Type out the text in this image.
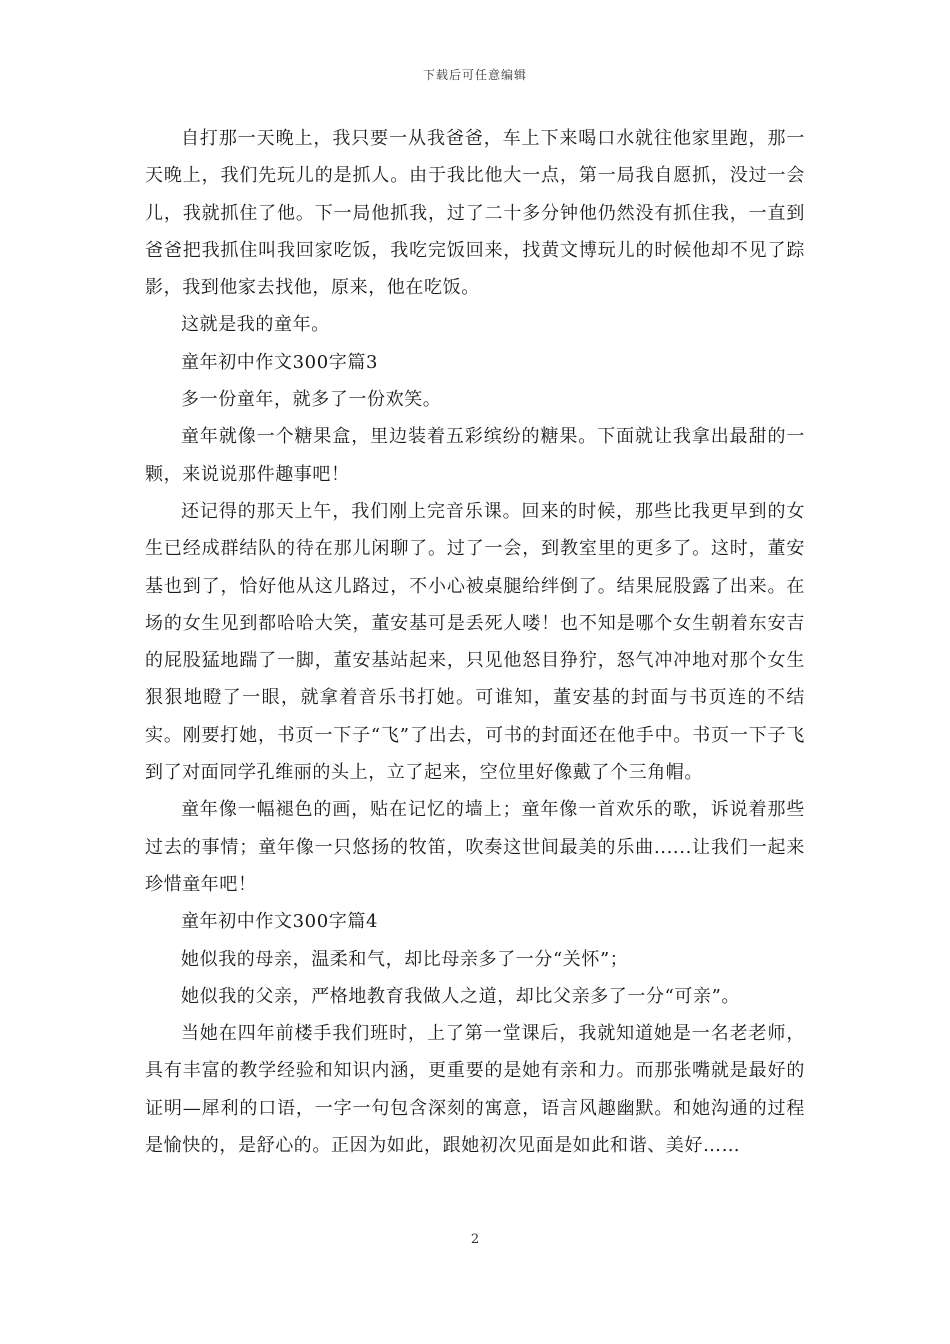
下载后可任意编辑

自打那一天晚上，我只要一从我爸爸，车上下来喝口水就往他家里跑，那一天晚上，我们先玩儿的是抓人。由于我比他大一点，第一局我自愿抓，没过一会儿，我就抓住了他。下一局他抓我，过了二十多分钟他仍然没有抓住我，一直到爸爸把我抓住叫我回家吃饭，我吃完饭回来，找黄文博玩儿的时候他却不见了踪影，我到他家去找他，原来，他在吃饭。

这就是我的童年。

童年初中作文300字篇3

多一份童年，就多了一份欢笑。

童年就像一个糖果盒，里边装着五彩缤纷的糖果。下面就让我拿出最甜的一颗，来说说那件趣事吧！

还记得的那天上午，我们刚上完音乐课。回来的时候，那些比我更早到的女生已经成群结队的待在那儿闲聊了。过了一会，到教室里的更多了。这时，董安基也到了，恰好他从这儿路过，不小心被桌腿给绊倒了。结果屁股露了出来。在场的女生见到都哈哈大笑，董安基可是丢死人喽！也不知是哪个女生朝着东安吉的屁股猛地踹了一脚，董安基站起来，只见他怒目狰狞，怒气冲冲地对那个女生狠狠地瞪了一眼，就拿着音乐书打她。可谁知，董安基的封面与书页连的不结实。刚要打她，书页一下子“飞”了出去，可书的封面还在他手中。书页一下子飞到了对面同学孔维丽的头上，立了起来，空位里好像戴了个三角帽。

童年像一幅褪色的画，贴在记忆的墙上；童年像一首欢乐的歌，诉说着那些过去的事情；童年像一只悠扬的牧笛，吹奏这世间最美的乐曲......让我们一起来珍惜童年吧！

童年初中作文300字篇4

她似我的母亲，温柔和气，却比母亲多了一分“关怀”；

她似我的父亲，严格地教育我做人之道，却比父亲多了一分“可亲”。

当她在四年前楼手我们班时，上了第一堂课后，我就知道她是一名老老师，具有丰富的教学经验和知识内涵，更重要的是她有亲和力。而那张嘴就是最好的证明—犀利的口语，一字一句包含深刻的寓意，语言风趣幽默。和她沟通的过程是愉快的，是舒心的。正因为如此，跟她初次见面是如此和谐、美好……

2
